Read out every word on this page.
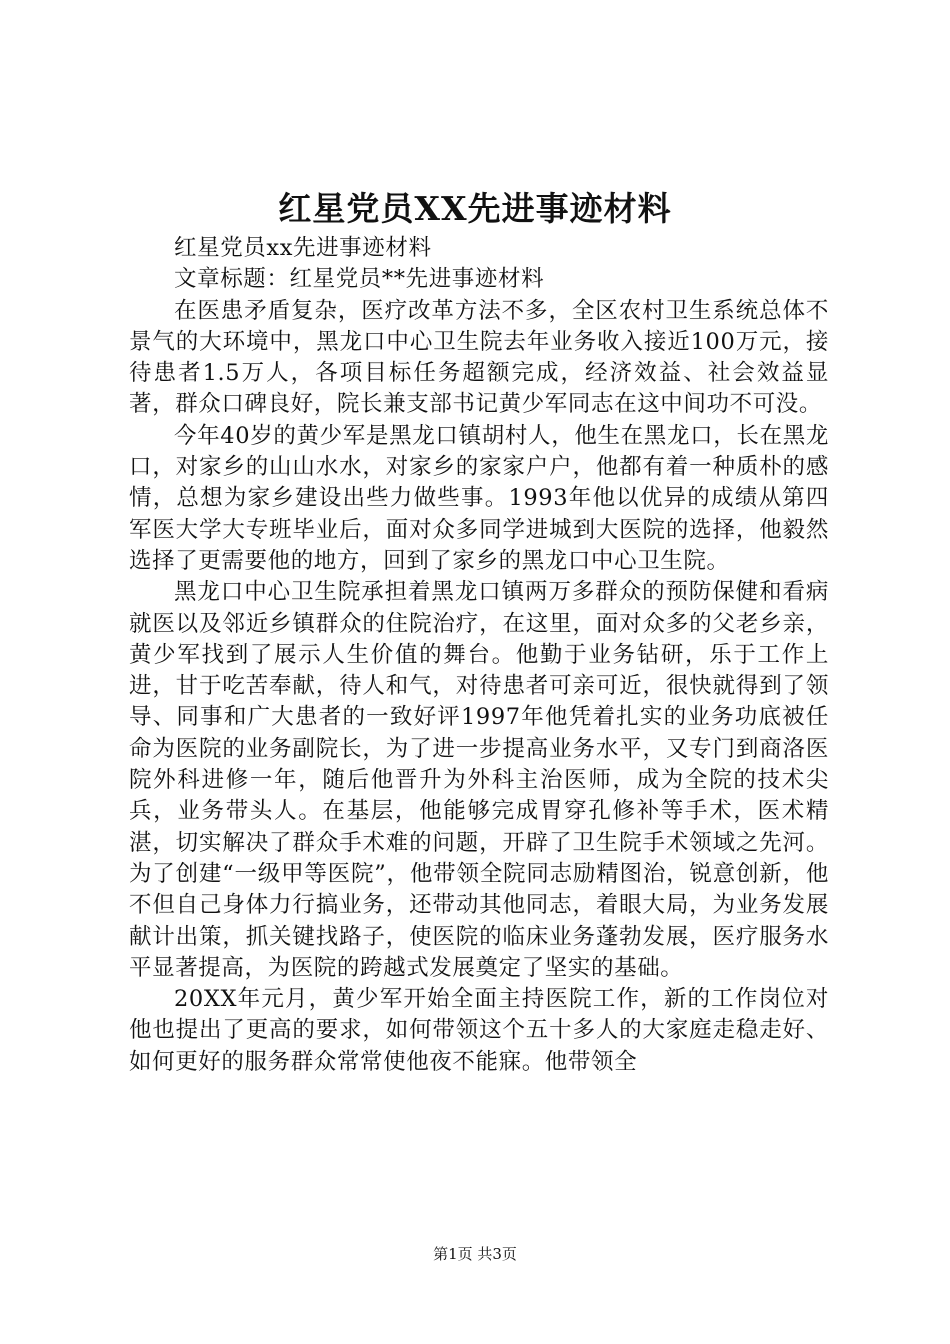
红星党员XX先进事迹材料

红星党员xx先进事迹材料

文章标题：红星党员**先进事迹材料

在医患矛盾复杂，医疗改革方法不多，全区农村卫生系统总体不景气的大环境中，黑龙口中心卫生院去年业务收入接近100万元，接待患者1.5万人，各项目标任务超额完成，经济效益、社会效益显著，群众口碑良好，院长兼支部书记黄少军同志在这中间功不可没。

今年40岁的黄少军是黑龙口镇胡村人，他生在黑龙口，长在黑龙口，对家乡的山山水水，对家乡的家家户户，他都有着一种质朴的感情，总想为家乡建设出些力做些事。1993年他以优异的成绩从第四军医大学大专班毕业后，面对众多同学进城到大医院的选择，他毅然选择了更需要他的地方，回到了家乡的黑龙口中心卫生院。

黑龙口中心卫生院承担着黑龙口镇两万多群众的预防保健和看病就医以及邻近乡镇群众的住院治疗，在这里，面对众多的父老乡亲，黄少军找到了展示人生价值的舞台。他勤于业务钻研，乐于工作上进，甘于吃苦奉献，待人和气，对待患者可亲可近，很快就得到了领导、同事和广大患者的一致好评1997年他凭着扎实的业务功底被任命为医院的业务副院长，为了进一步提高业务水平，又专门到商洛医院外科进修一年，随后他晋升为外科主治医师，成为全院的技术尖兵，业务带头人。在基层，他能够完成胃穿孔修补等手术，医术精湛，切实解决了群众手术难的问题，开辟了卫生院手术领域之先河。为了创建“一级甲等医院”，他带领全院同志励精图治，锐意创新，他不但自己身体力行搞业务，还带动其他同志，着眼大局，为业务发展献计出策，抓关键找路子，使医院的临床业务蓬勃发展，医疗服务水平显著提高，为医院的跨越式发展奠定了坚实的基础。

20XX年元月，黄少军开始全面主持医院工作，新的工作岗位对他也提出了更高的要求，如何带领这个五十多人的大家庭走稳走好、如何更好的服务群众常常使他夜不能寐。他带领全

第1页 共3页
